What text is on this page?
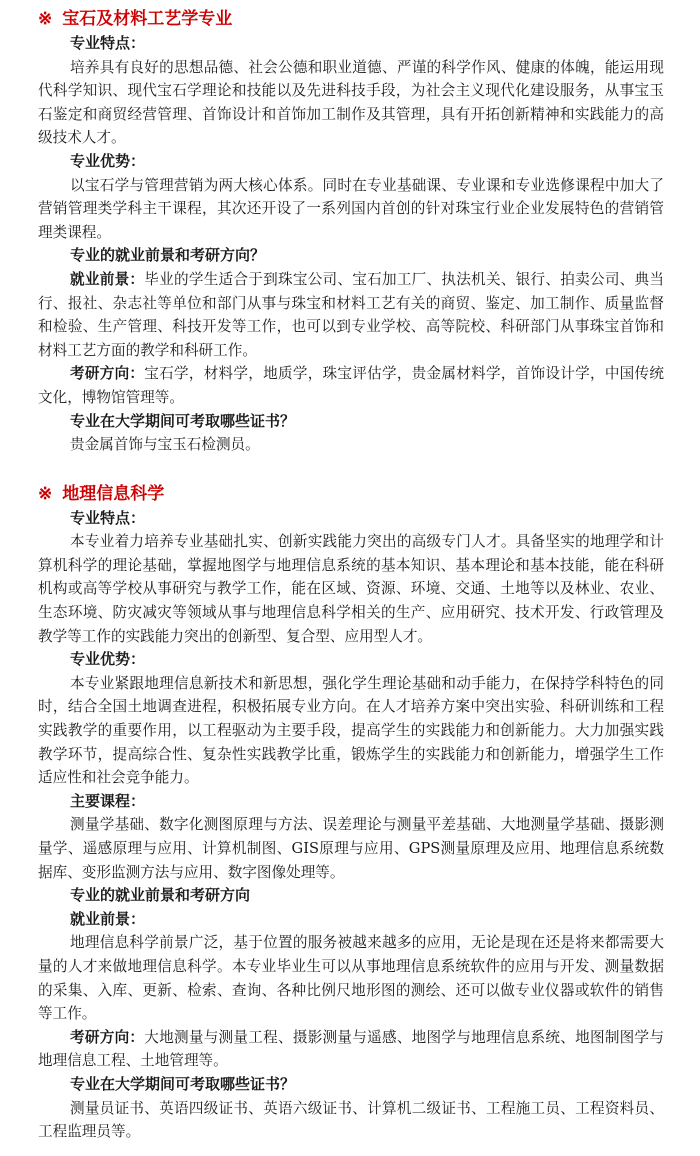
※ 宝石及材料工艺学专业
专业特点：

培养具有良好的思想品德、社会公德和职业道德、严谨的科学作风、健康的体魄，能运用现代科学知识、现代宝石学理论和技能以及先进科技手段，为社会主义现代化建设服务，从事宝玉石鉴定和商贸经营管理、首饰设计和首饰加工制作及其管理，具有开拓创新精神和实践能力的高级技术人才。

专业优势：

以宝石学与管理营销为两大核心体系。同时在专业基础课、专业课和专业选修课程中加大了营销管理类学科主干课程，其次还开设了一系列国内首创的针对珠宝行业企业发展特色的营销管理类课程。

专业的就业前景和考研方向？

就业前景：毕业的学生适合于到珠宝公司、宝石加工厂、执法机关、银行、拍卖公司、典当行、报社、杂志社等单位和部门从事与珠宝和材料工艺有关的商贸、鉴定、加工制作、质量监督和检验、生产管理、科技开发等工作，也可以到专业学校、高等院校、科研部门从事珠宝首饰和材料工艺方面的教学和科研工作。

考研方向：宝石学，材料学，地质学，珠宝评估学，贵金属材料学，首饰设计学，中国传统文化，博物馆管理等。

专业在大学期间可考取哪些证书？

贵金属首饰与宝玉石检测员。

※ 地理信息科学
专业特点：

本专业着力培养专业基础扎实、创新实践能力突出的高级专门人才。具备坚实的地理学和计算机科学的理论基础，掌握地图学与地理信息系统的基本知识、基本理论和基本技能，能在科研机构或高等学校从事研究与教学工作，能在区域、资源、环境、交通、土地等以及林业、农业、生态环境、防灾减灾等领域从事与地理信息科学相关的生产、应用研究、技术开发、行政管理及教学等工作的实践能力突出的创新型、复合型、应用型人才。

专业优势：

本专业紧跟地理信息新技术和新思想，强化学生理论基础和动手能力，在保持学科特色的同时，结合全国土地调查进程，积极拓展专业方向。在人才培养方案中突出实验、科研训练和工程实践教学的重要作用，以工程驱动为主要手段，提高学生的实践能力和创新能力。大力加强实践教学环节，提高综合性、复杂性实践教学比重，锻炼学生的实践能力和创新能力，增强学生工作适应性和社会竞争能力。

主要课程：

测量学基础、数字化测图原理与方法、误差理论与测量平差基础、大地测量学基础、摄影测量学、遥感原理与应用、计算机制图、GIS原理与应用、GPS测量原理及应用、地理信息系统数据库、变形监测方法与应用、数字图像处理等。

专业的就业前景和考研方向
就业前景：

地理信息科学前景广泛，基于位置的服务被越来越多的应用，无论是现在还是将来都需要大量的人才来做地理信息科学。本专业毕业生可以从事地理信息系统软件的应用与开发、测量数据的采集、入库、更新、检索、查询、各种比例尺地形图的测绘、还可以做专业仪器或软件的销售等工作。

考研方向：大地测量与测量工程、摄影测量与遥感、地图学与地理信息系统、地图制图学与地理信息工程、土地管理等。

专业在大学期间可考取哪些证书？

测量员证书、英语四级证书、英语六级证书、计算机二级证书、工程施工员、工程资料员、工程监理员等。
